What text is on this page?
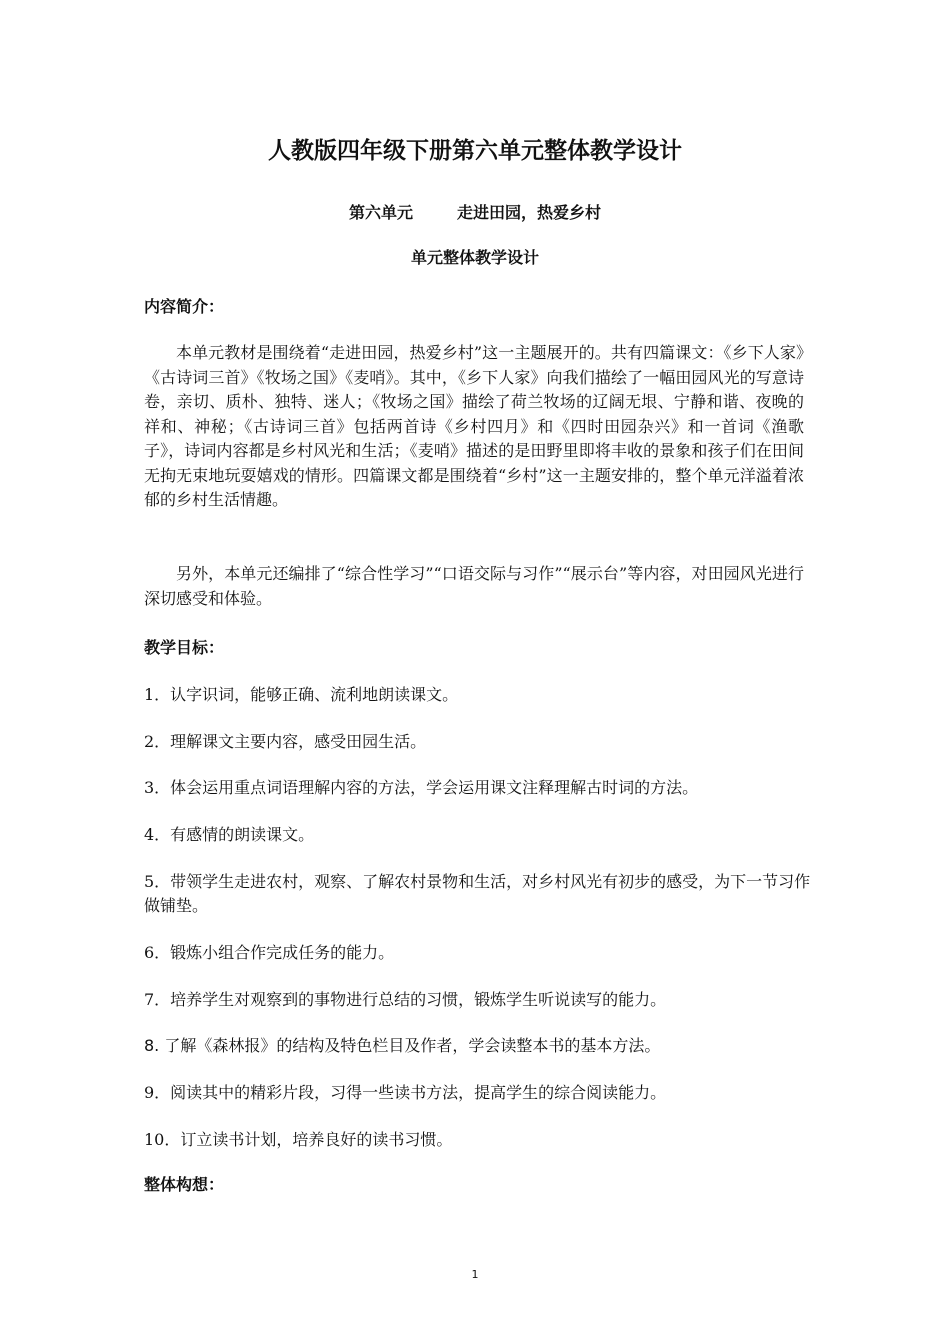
人教版四年级下册第六单元整体教学设计
第六单元	走进田园，热爱乡村
单元整体教学设计
内容简介：

本单元教材是围绕着“走进田园，热爱乡村”这一主题展开的。共有四篇课文：《乡下人家》《古诗词三首》《牧场之国》《麦哨》。其中，《乡下人家》向我们描绘了一幅田园风光的写意诗卷，亲切、质朴、独特、迷人；《牧场之国》描绘了荷兰牧场的辽阔无垠、宁静和谐、夜晚的祥和、神秘；《古诗词三首》包括两首诗《乡村四月》和《四时田园杂兴》和一首词《渔歌子》，诗词内容都是乡村风光和生活；《麦哨》描述的是田野里即将丰收的景象和孩子们在田间无拘无束地玩耍嬉戏的情形。四篇课文都是围绕着“乡村”这一主题安排的，整个单元洋溢着浓郁的乡村生活情趣。

另外，本单元还编排了“综合性学习”“口语交际与习作”“展示台”等内容，对田园风光进行深切感受和体验。

教学目标：

1．认字识词，能够正确、流利地朗读课文。

2．理解课文主要内容，感受田园生活。

3．体会运用重点词语理解内容的方法，学会运用课文注释理解古时词的方法。

4．有感情的朗读课文。

5．带领学生走进农村，观察、了解农村景物和生活，对乡村风光有初步的感受，为下一节习作做铺垫。

6．锻炼小组合作完成任务的能力。

7．培养学生对观察到的事物进行总结的习惯，锻炼学生听说读写的能力。

8. 了解《森林报》的结构及特色栏目及作者，学会读整本书的基本方法。

9．阅读其中的精彩片段，习得一些读书方法，提高学生的综合阅读能力。

10．订立读书计划，培养良好的读书习惯。

整体构想：
1
